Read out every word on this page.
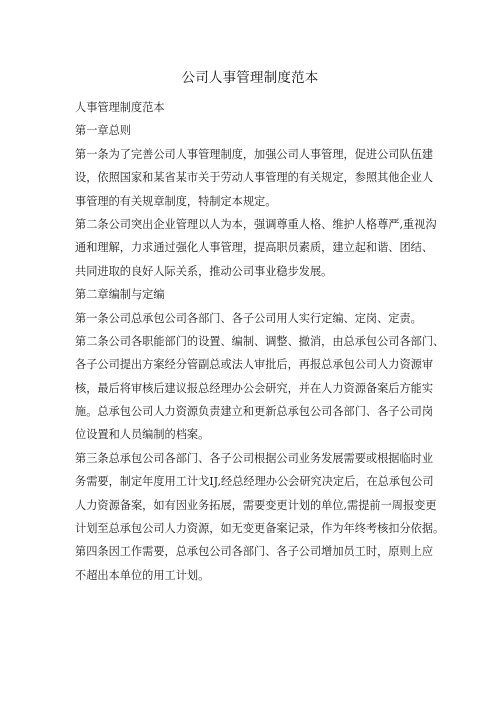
公司人事管理制度范本

人事管理制度范本

第一章总则

第一条为了完善公司人事管理制度，加强公司人事管理，促进公司队伍建

设，依照国家和某省某市关于劳动人事管理的有关规定，参照其他企业人

事管理的有关规章制度，特制定本规定。

第二条公司突出企业管理以人为本，强调尊重人格、维护人格尊严,重视沟

通和理解，力求通过强化人事管理，提高职员素质，建立起和谐、团结、

共同进取的良好人际关系，推动公司事业稳步发展。

第二章编制与定编

第一条公司总承包公司各部门、各子公司用人实行定编、定岗、定责。

第二条公司各职能部门的设置、编制、调整、撤消，由总承包公司各部门、

各子公司提出方案经分管副总或法人审批后，再报总承包公司人力资源审

核，最后将审核后建议报总经理办公会研究，并在人力资源备案后方能实

施。总承包公司人力资源负责建立和更新总承包公司各部门、各子公司岗

位设置和人员编制的档案。

第三条总承包公司各部门、各子公司根据公司业务发展需要或根据临时业

务需要，制定年度用工计戈IJ,经总经理办公会研究决定后，在总承包公司

人力资源备案，如有因业务拓展，需要变更计划的单位,需提前一周报变更

计划至总承包公司人力资源，如无变更备案记录，作为年终考核扣分依据。

第四条因工作需要，总承包公司各部门、各子公司增加员工时，原则上应

不超出本单位的用工计划。
